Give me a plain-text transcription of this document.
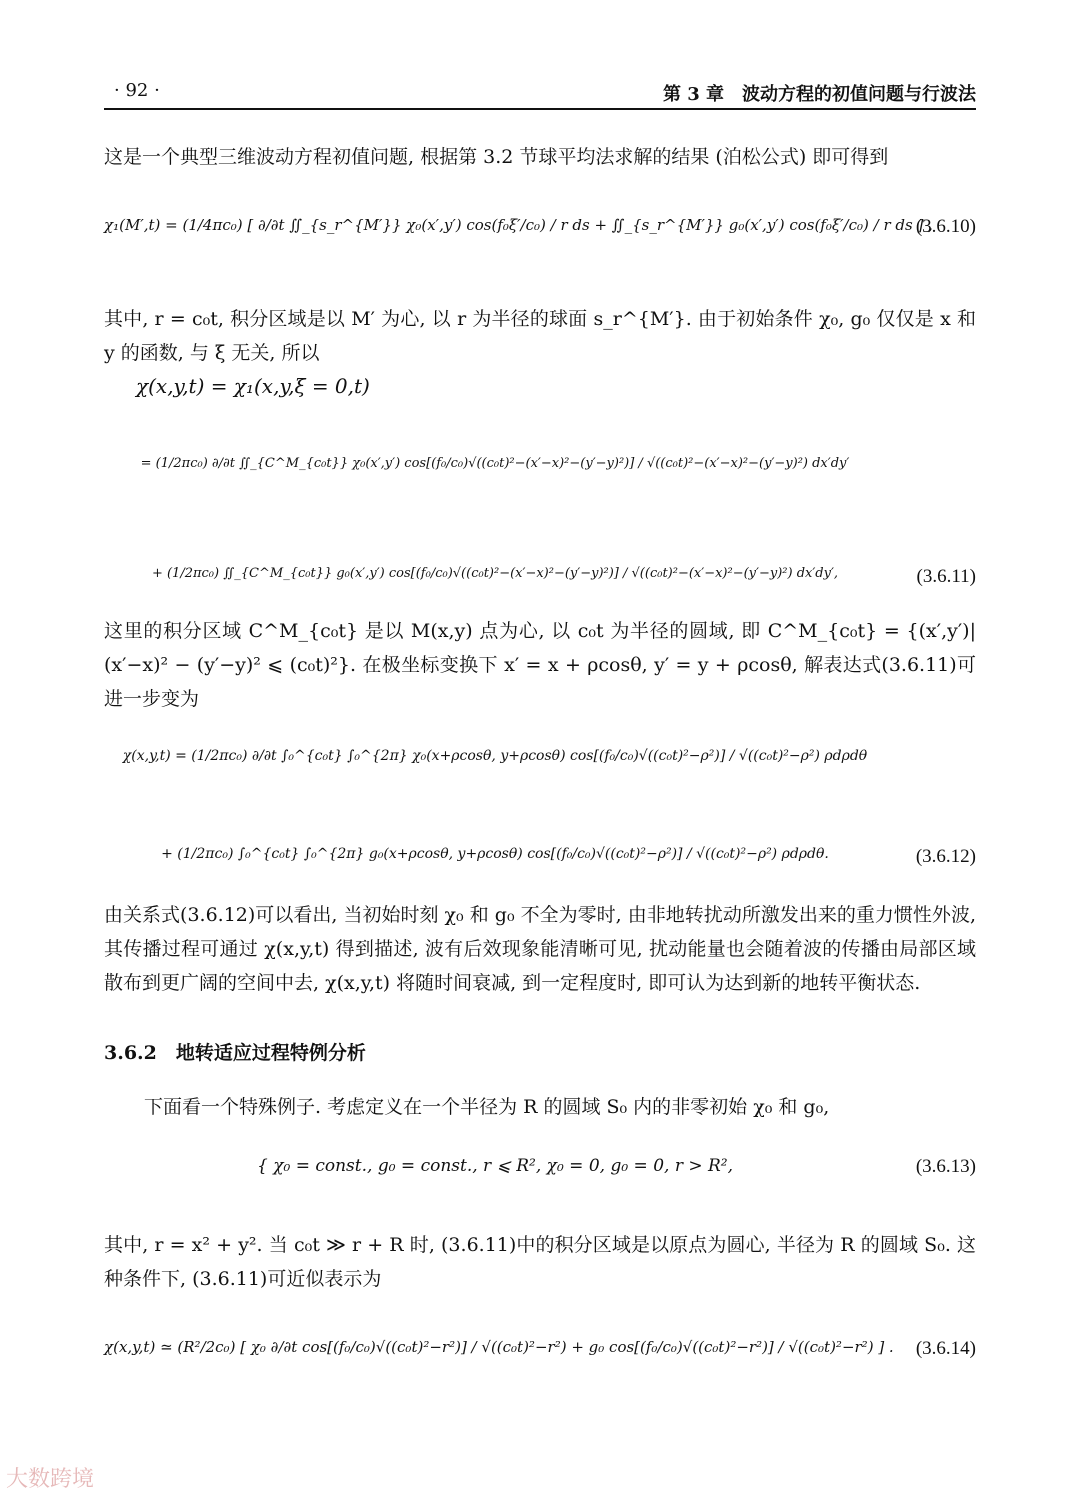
· 92 ·	第 3 章　波动方程的初值问题与行波法
这是一个典型三维波动方程初值问题, 根据第 3.2 节球平均法求解的结果 (泊松公式) 即可得到
χ₁(M′,t) = (1/4πc₀) [ ∂/∂t ∬_{s_r^{M′}} χ₀(x′,y′) cos(f₀ξ′/c₀) / r ds + ∬_{s_r^{M′}} g₀(x′,y′) cos(f₀ξ′/c₀) / r ds ] ,
(3.6.10)
其中, r = c₀t, 积分区域是以 M′ 为心, 以 r 为半径的球面 s_r^{M′}. 由于初始条件 χ₀, g₀ 仅仅是 x 和 y 的函数, 与 ξ 无关, 所以
χ(x,y,t) = χ₁(x,y,ξ = 0,t)
= (1/2πc₀) ∂/∂t ∬_{C^M_{c₀t}} χ₀(x′,y′) cos[(f₀/c₀)√((c₀t)²−(x′−x)²−(y′−y)²)] / √((c₀t)²−(x′−x)²−(y′−y)²) dx′dy′
+ (1/2πc₀) ∬_{C^M_{c₀t}} g₀(x′,y′) cos[(f₀/c₀)√((c₀t)²−(x′−x)²−(y′−y)²)] / √((c₀t)²−(x′−x)²−(y′−y)²) dx′dy′,	(3.6.11)
这里的积分区域 C^M_{c₀t} 是以 M(x,y) 点为心, 以 c₀t 为半径的圆域, 即 C^M_{c₀t} = {(x′,y′)|(x′−x)² − (y′−y)² ⩽ (c₀t)²}. 在极坐标变换下 x′ = x + ρcosθ, y′ = y + ρcosθ, 解表达式(3.6.11)可进一步变为
χ(x,y,t) = (1/2πc₀) ∂/∂t ∫₀^{c₀t} ∫₀^{2π} χ₀(x+ρcosθ, y+ρcosθ) cos[(f₀/c₀)√((c₀t)²−ρ²)] / √((c₀t)²−ρ²) ρdρdθ
+ (1/2πc₀) ∫₀^{c₀t} ∫₀^{2π} g₀(x+ρcosθ, y+ρcosθ) cos[(f₀/c₀)√((c₀t)²−ρ²)] / √((c₀t)²−ρ²) ρdρdθ.	(3.6.12)
由关系式(3.6.12)可以看出, 当初始时刻 χ₀ 和 g₀ 不全为零时, 由非地转扰动所激发出来的重力惯性外波, 其传播过程可通过 χ(x,y,t) 得到描述, 波有后效现象能清晰可见, 扰动能量也会随着波的传播由局部区域散布到更广阔的空间中去, χ(x,y,t) 将随时间衰减, 到一定程度时, 即可认为达到新的地转平衡状态.
3.6.2　地转适应过程特例分析
下面看一个特殊例子. 考虑定义在一个半径为 R 的圆域 S₀ 内的非零初始 χ₀ 和 g₀,
{ χ₀ = const., g₀ = const., r ⩽ R², χ₀ = 0, g₀ = 0, r > R²,	(3.6.13)
其中, r = x² + y². 当 c₀t ≫ r + R 时, (3.6.11)中的积分区域是以原点为圆心, 半径为 R 的圆域 S₀. 这种条件下, (3.6.11)可近似表示为
χ(x,y,t) ≃ (R²/2c₀) [ χ₀ ∂/∂t cos[(f₀/c₀)√((c₀t)²−r²)] / √((c₀t)²−r²) + g₀ cos[(f₀/c₀)√((c₀t)²−r²)] / √((c₀t)²−r²) ] . (3.6.14)
大数跨境
